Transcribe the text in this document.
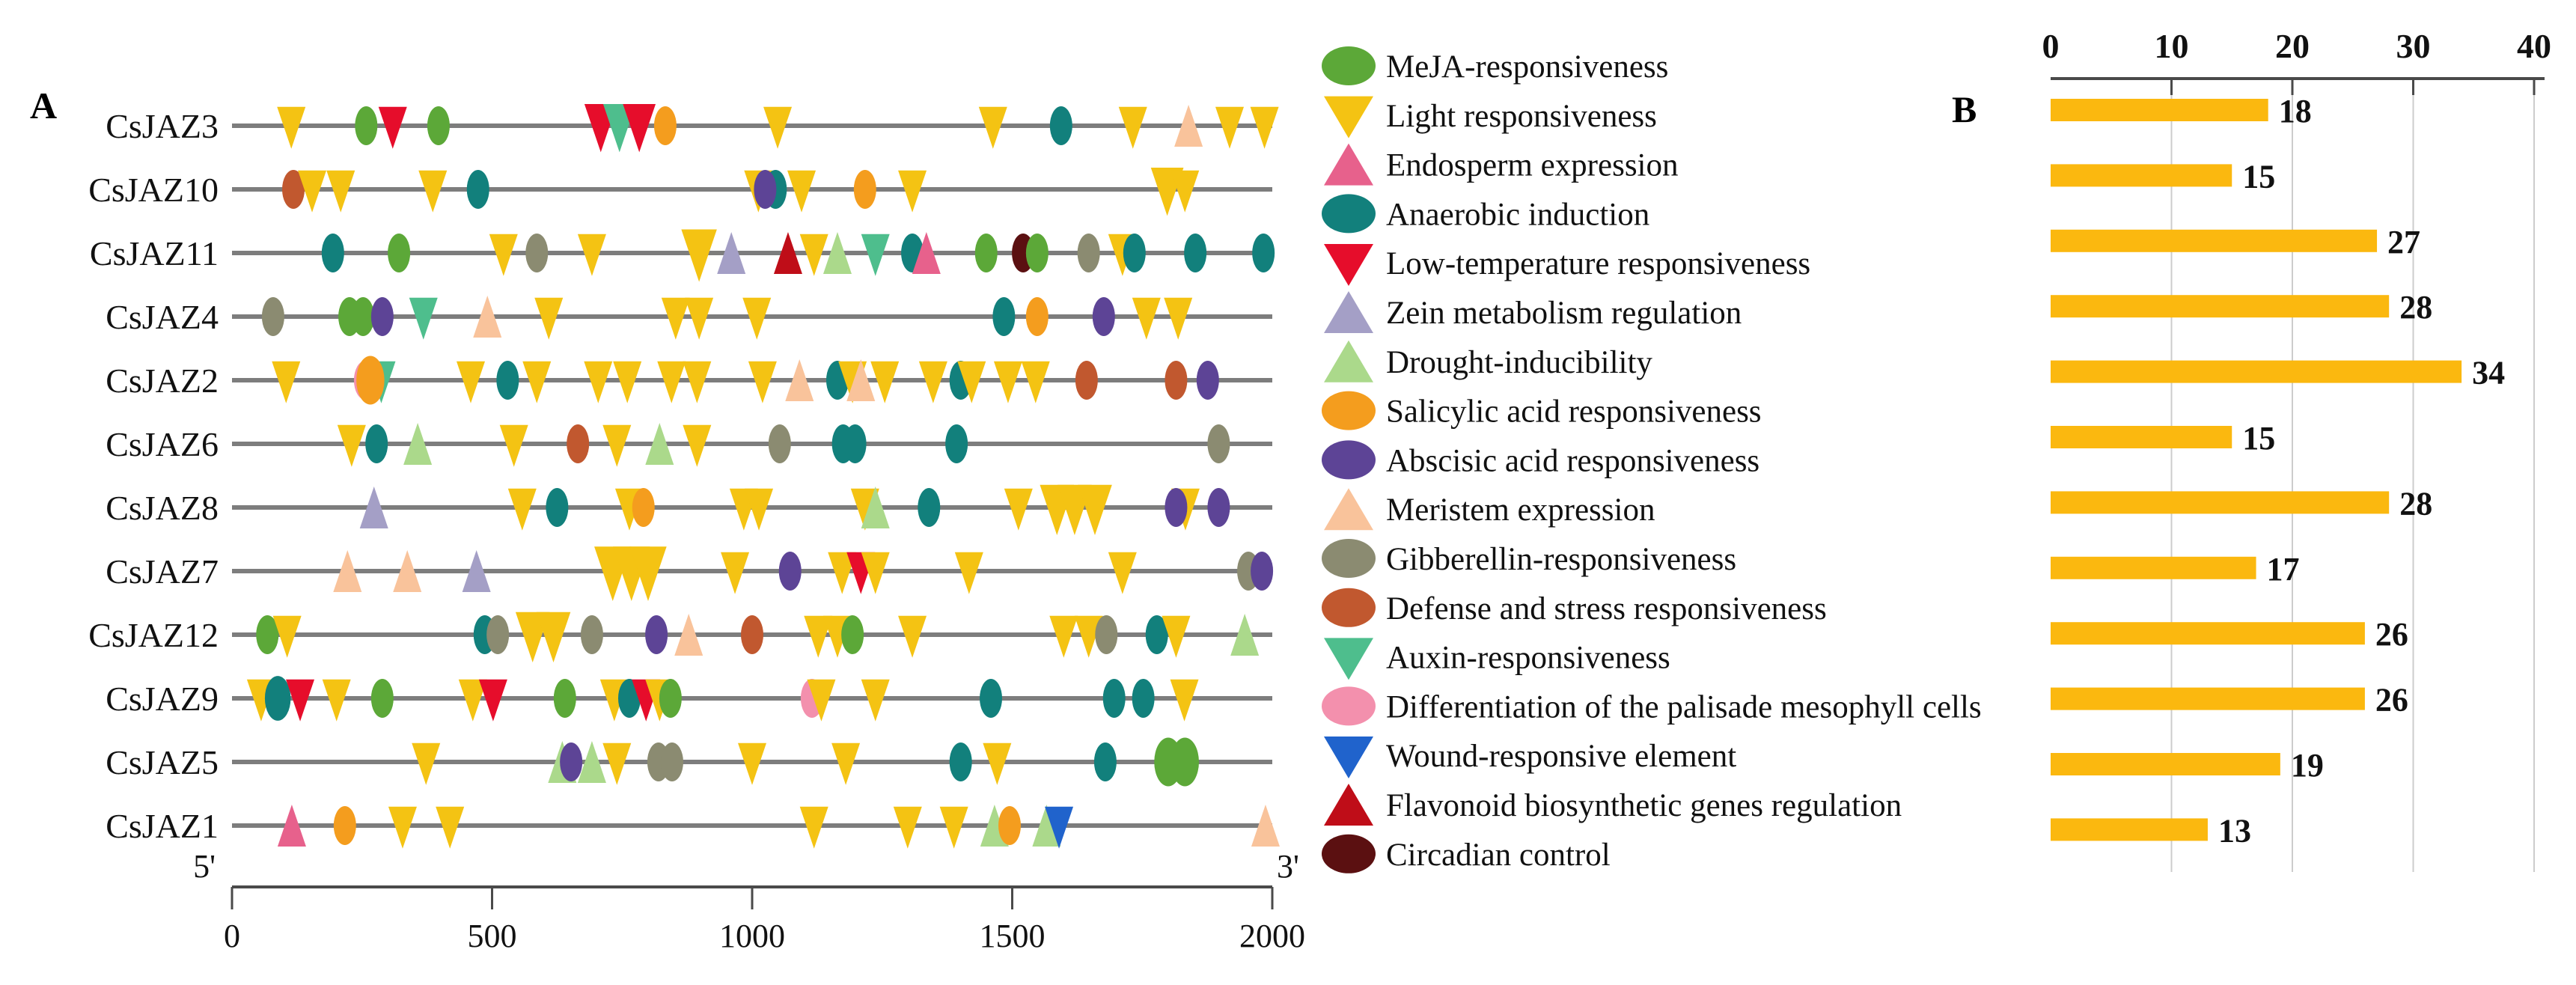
CsJAZ3
CsJAZ10
CsJAZ11
CsJAZ4
CsJAZ2
CsJAZ6
CsJAZ8
CsJAZ7
CsJAZ12
CsJAZ9
CsJAZ5
CsJAZ1
0	500	1000	1500	2000
MeJA-responsiveness
Light responsiveness
Endosperm expression
Anaerobic induction
Low-temperature responsiveness
Zein metabolism regulation
Drought-inducibility
Salicylic acid responsiveness
Abscisic acid responsiveness
Meristem expression
Gibberellin-responsiveness
Defense and stress responsiveness
Auxin-responsiveness
Differentiation of the palisade mesophyll cells
Wound-responsive element
Flavonoid biosynthetic genes regulation
Circadian control
0	10	20	30	40
18
15
27
28
34
15
28
17
26
26
19
13
A	B
5'	3'
